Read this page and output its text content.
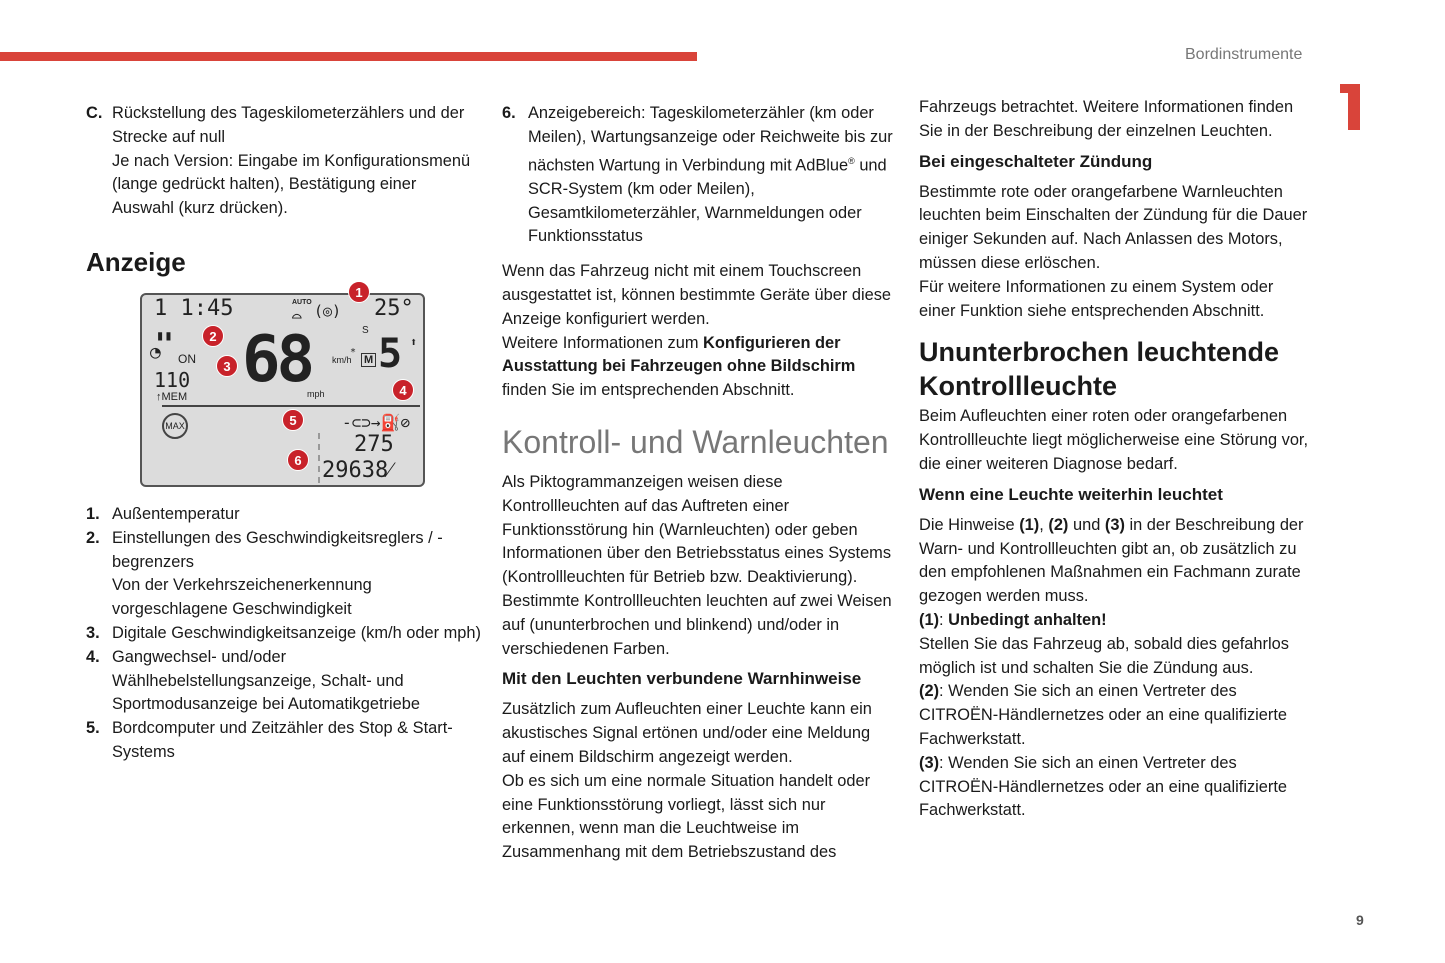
Bordinstrumente
9
C. Rückstellung des Tageskilometerzählers und der Strecke auf null

Je nach Version: Eingabe im Konfigurationsmenü (lange gedrückt halten), Bestätigung einer Auswahl (kurz drücken).

Anzeige
1 1:45	AUTO
⌓ (◎) 25°
▮▮
◔ ON
110
↑MEM
MAX
68 km/h
mph
S
*
M 5 ⬆
-⊂⊃→⛽⊘
275
29638⁄
1
2
3
4
5
6
1. Außentemperatur
2. Einstellungen des Geschwindigkeitsreglers / -begrenzers

Von der Verkehrszeichenerkennung vorgeschlagene Geschwindigkeit

3. Digitale Geschwindigkeitsanzeige (km/h oder mph)
4. Gangwechsel- und/oder Wählhebelstellungsanzeige, Schalt- und Sportmodusanzeige bei Automatikgetriebe
5. Bordcomputer und Zeitzähler des Stop & Start-Systems
6. Anzeigebereich: Tageskilometerzähler (km oder Meilen), Wartungsanzeige oder Reichweite bis zur nächsten Wartung in Verbindung mit AdBlue® und SCR-System (km oder Meilen), Gesamtkilometerzähler, Warnmeldungen oder Funktionsstatus

Wenn das Fahrzeug nicht mit einem Touchscreen ausgestattet ist, können bestimmte Geräte über diese Anzeige konfiguriert werden.

Weitere Informationen zum Konfigurieren der Ausstattung bei Fahrzeugen ohne Bildschirm finden Sie im entsprechenden Abschnitt.

Kontroll- und Warnleuchten

Als Piktogrammanzeigen weisen diese Kontrollleuchten auf das Auftreten einer Funktionsstörung hin (Warnleuchten) oder geben Informationen über den Betriebsstatus eines Systems (Kontrollleuchten für Betrieb bzw. Deaktivierung). Bestimmte Kontrollleuchten leuchten auf zwei Weisen auf (ununterbrochen und blinkend) und/oder in verschiedenen Farben.

Mit den Leuchten verbundene Warnhinweise

Zusätzlich zum Aufleuchten einer Leuchte kann ein akustisches Signal ertönen und/oder eine Meldung auf einem Bildschirm angezeigt werden.

Ob es sich um eine normale Situation handelt oder eine Funktionsstörung vorliegt, lässt sich nur erkennen, wenn man die Leuchtweise im Zusammenhang mit dem Betriebszustand des

Fahrzeugs betrachtet. Weitere Informationen finden Sie in der Beschreibung der einzelnen Leuchten.

Bei eingeschalteter Zündung

Bestimmte rote oder orangefarbene Warnleuchten leuchten beim Einschalten der Zündung für die Dauer einiger Sekunden auf. Nach Anlassen des Motors, müssen diese erlöschen.

Für weitere Informationen zu einem System oder einer Funktion siehe entsprechenden Abschnitt.

Ununterbrochen leuchtende Kontrollleuchte

Beim Aufleuchten einer roten oder orangefarbenen Kontrollleuchte liegt möglicherweise eine Störung vor, die einer weiteren Diagnose bedarf.

Wenn eine Leuchte weiterhin leuchtet

Die Hinweise (1), (2) und (3) in der Beschreibung der Warn- und Kontrollleuchten gibt an, ob zusätzlich zu den empfohlenen Maßnahmen ein Fachmann zurate gezogen werden muss.

(1): Unbedingt anhalten!

Stellen Sie das Fahrzeug ab, sobald dies gefahrlos möglich ist und schalten Sie die Zündung aus.

(2): Wenden Sie sich an einen Vertreter des CITROËN-Händlernetzes oder an eine qualifizierte Fachwerkstatt.

(3): Wenden Sie sich an einen Vertreter des CITROËN-Händlernetzes oder an eine qualifizierte Fachwerkstatt.
